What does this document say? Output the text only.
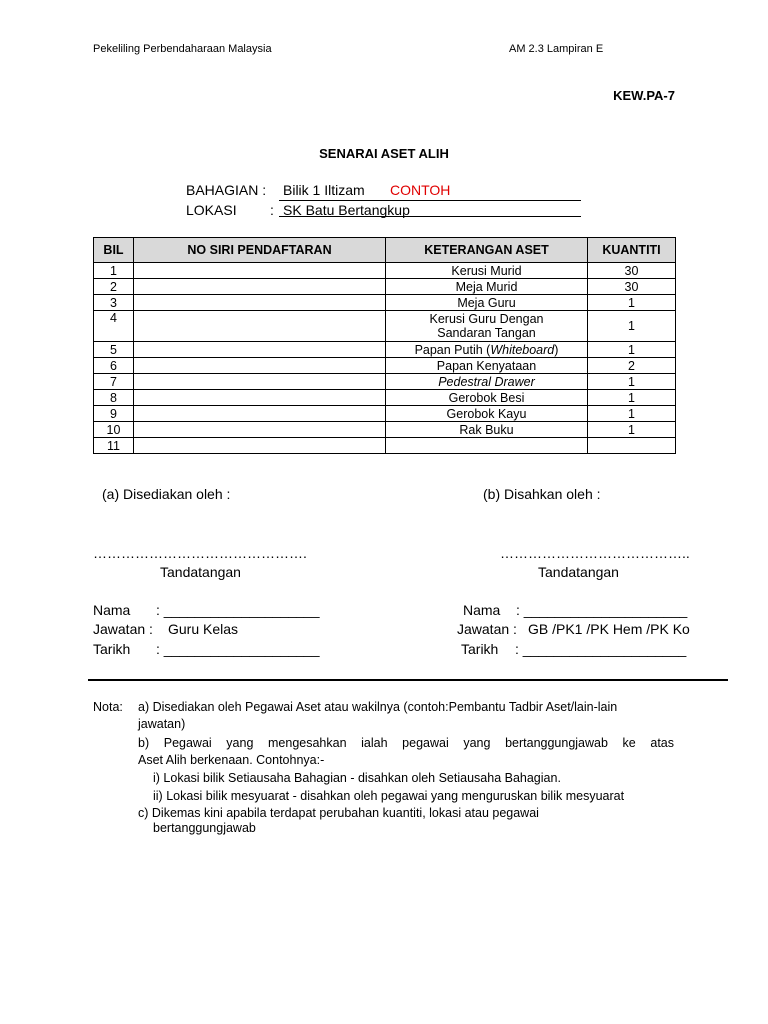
Pekeliling Perbendaharaan Malaysia	AM 2.3 Lampiran E
KEW.PA-7
SENARAI ASET ALIH
BAHAGIAN : Bilik 1 Iltizam CONTOH
LOKASI : SK Batu Bertangkup
BIL	NO SIRI PENDAFTARAN	KETERANGAN ASET	KUANTITI
1		Kerusi Murid	30
2		Meja Murid	30
3		Meja Guru	1
4		Kerusi Guru Dengan
Sandaran Tangan	1
5		Papan Putih (Whiteboard)	1
6		Papan Kenyataan	2
7		Pedestral Drawer	1
8		Gerobok Besi	1
9		Gerobok Kayu	1
10		Rak Buku	1
11			
(a) Disediakan oleh :
……………………………………….
Tandatangan
Nama : ____________________
Jawatan : Guru Kelas
Tarikh : ____________________
(b) Disahkan oleh :
…………………………………..
Tandatangan
Nama : _____________________
Jawatan : GB /PK1 /PK Hem /PK Ko
Tarikh : _____________________
Nota: a) Disediakan oleh Pegawai Aset atau wakilnya (contoh:Pembantu Tadbir Aset/lain-lain
jawatan)
b) Pegawai yang mengesahkan ialah pegawai yang bertanggungjawab ke atas
Aset Alih berkenaan. Contohnya:-
i) Lokasi bilik Setiausaha Bahagian - disahkan oleh Setiausaha Bahagian.
ii) Lokasi bilik mesyuarat - disahkan oleh pegawai yang menguruskan bilik mesyuarat
c) Dikemas kini apabila terdapat perubahan kuantiti, lokasi atau pegawai
bertanggungjawab
